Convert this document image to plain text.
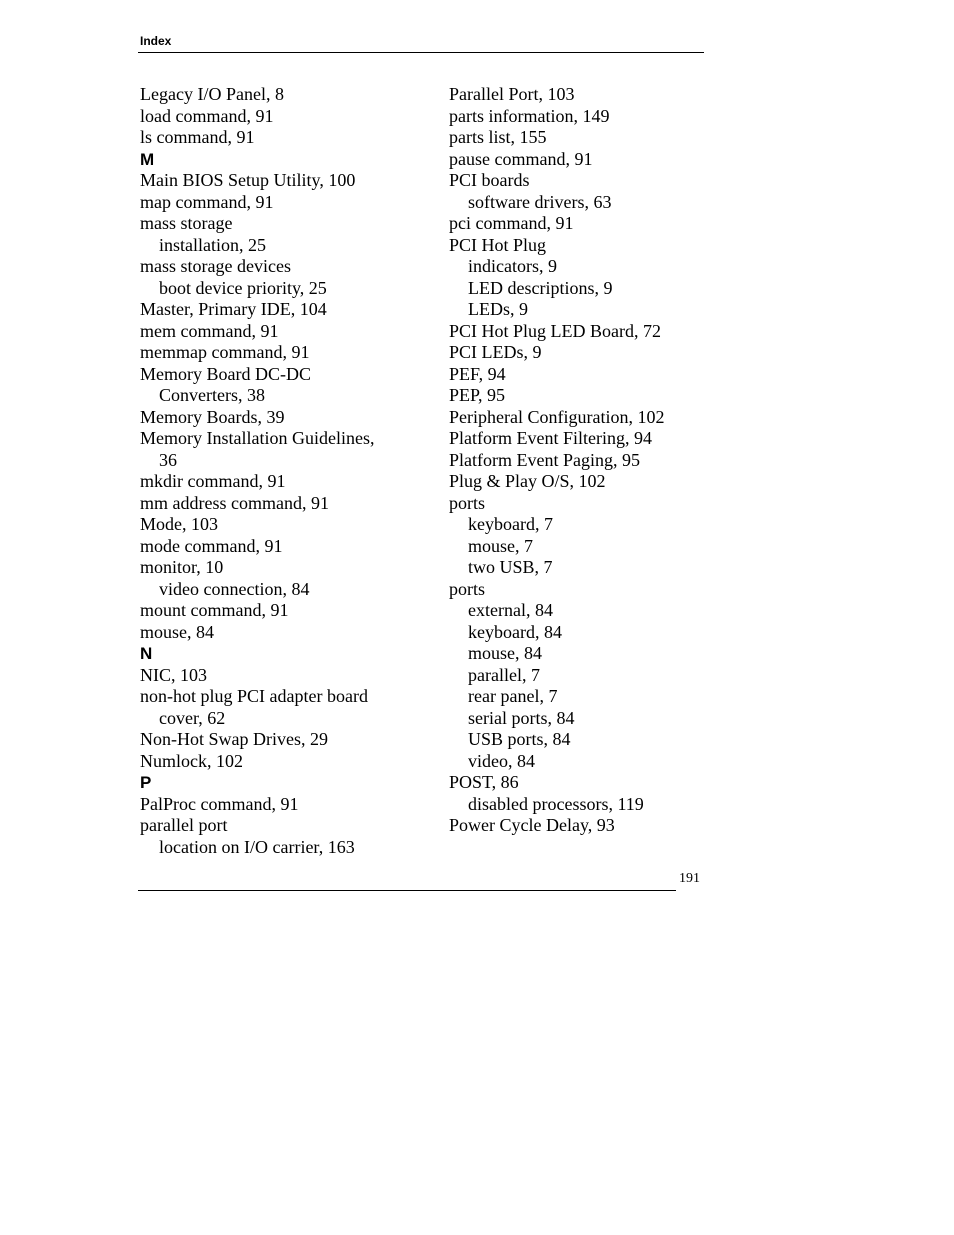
Index
Legacy I/O Panel, 8
load command, 91
ls command, 91
M
Main BIOS Setup Utility, 100
map command, 91
mass storage
installation, 25
mass storage devices
boot device priority, 25
Master, Primary IDE, 104
mem command, 91
memmap command, 91
Memory Board DC-DC
Converters, 38
Memory Boards, 39
Memory Installation Guidelines,
36
mkdir command, 91
mm address command, 91
Mode, 103
mode command, 91
monitor, 10
video connection, 84
mount command, 91
mouse, 84
N
NIC, 103
non-hot plug PCI adapter board
cover, 62
Non-Hot Swap Drives, 29
Numlock, 102
P
PalProc command, 91
parallel port
location on I/O carrier, 163
Parallel Port, 103
parts information, 149
parts list, 155
pause command, 91
PCI boards
software drivers, 63
pci command, 91
PCI Hot Plug
indicators, 9
LED descriptions, 9
LEDs, 9
PCI Hot Plug LED Board, 72
PCI LEDs, 9
PEF, 94
PEP, 95
Peripheral Configuration, 102
Platform Event Filtering, 94
Platform Event Paging, 95
Plug & Play O/S, 102
ports
keyboard, 7
mouse, 7
two USB, 7
ports
external, 84
keyboard, 84
mouse, 84
parallel, 7
rear panel, 7
serial ports, 84
USB ports, 84
video, 84
POST, 86
disabled processors, 119
Power Cycle Delay, 93
191
